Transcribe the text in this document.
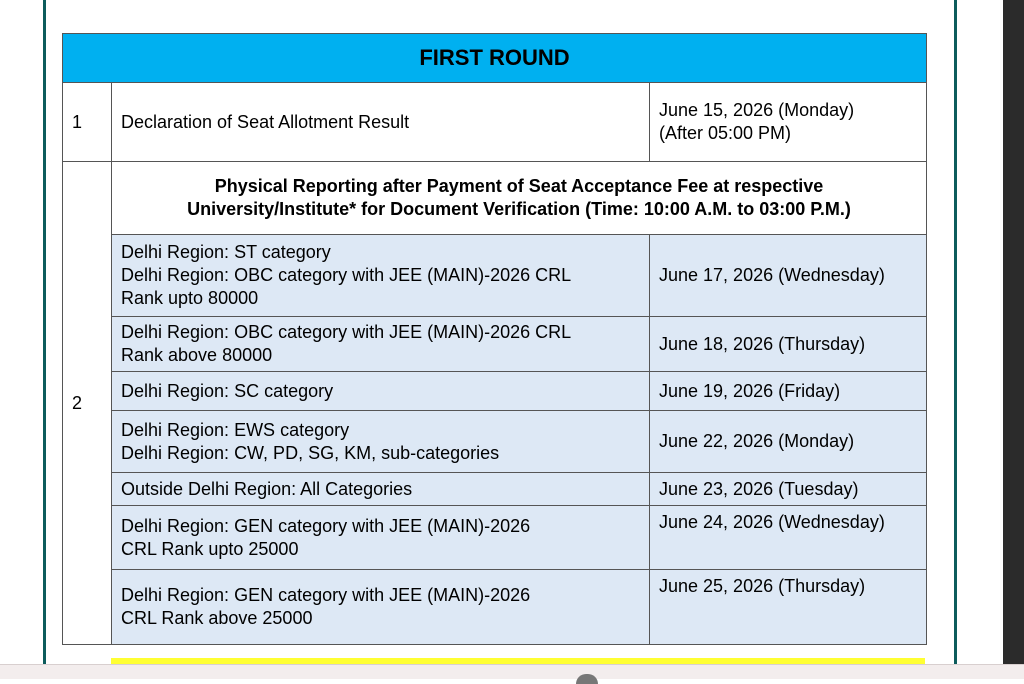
FIRST ROUND		
1	Declaration of Seat Allotment Result	June 15, 2026 (Monday)
(After 05:00 PM)

2	Physical Reporting after Payment of Seat Acceptance Fee at respective
University/Institute* for Document Verification (Time: 10:00 A.M. to 03:00 P.M.)	

	Delhi Region: ST category
Delhi Region: OBC category with JEE (MAIN)-2026 CRL
Rank upto 80000	June 17, 2026 (Wednesday)

	Delhi Region: OBC category with JEE (MAIN)-2026 CRL
Rank above 80000	June 18, 2026 (Thursday)
	Delhi Region: SC category	June 19, 2026 (Friday)

	Delhi Region: EWS category
Delhi Region: CW, PD, SG, KM, sub-categories	June 22, 2026 (Monday)
	Outside Delhi Region: All Categories	June 23, 2026 (Tuesday)

	Delhi Region: GEN category with JEE (MAIN)-2026
CRL Rank upto 25000	June 24, 2026 (Wednesday)

	Delhi Region: GEN category with JEE (MAIN)-2026
CRL Rank above 25000	June 25, 2026 (Thursday)
